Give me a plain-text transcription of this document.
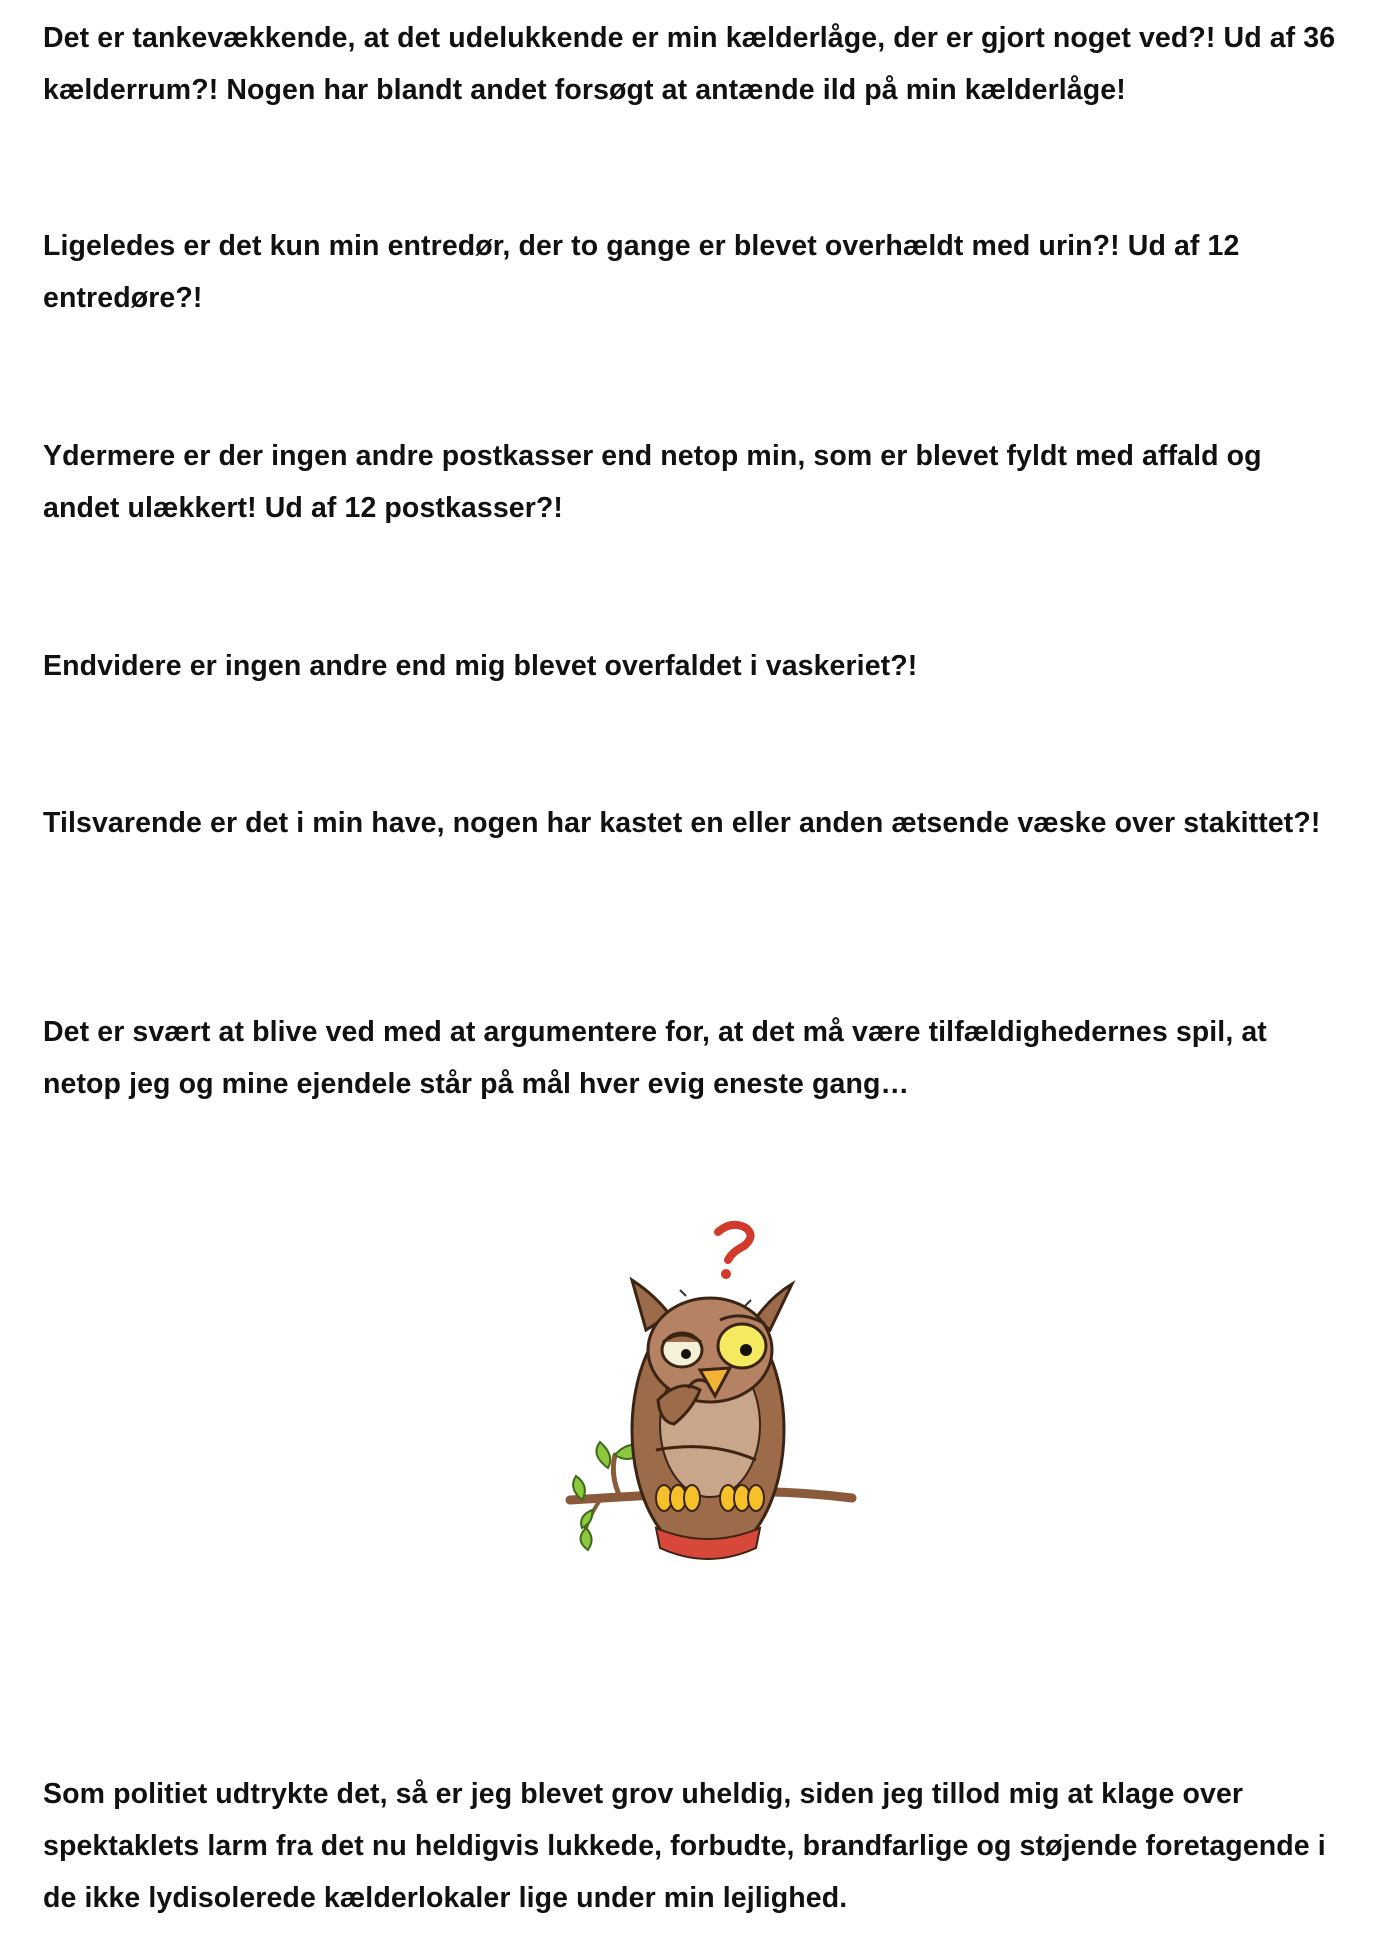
Det er tankevækkende, at det udelukkende er min kælderlåge, der er gjort noget ved?! Ud af 36 kælderrum?! Nogen har blandt andet forsøgt at antænde ild på min kælderlåge!

Ligeledes er det kun min entredør, der to gange er blevet overhældt med urin?! Ud af 12 entredøre?!

Ydermere er der ingen andre postkasser end netop min, som er blevet fyldt med affald og andet ulækkert! Ud af 12 postkasser?!

Endvidere er ingen andre end mig blevet overfaldet i vaskeriet?!

Tilsvarende er det i min have, nogen har kastet en eller anden ætsende væske over stakittet?!

Det er svært at blive ved med at argumentere for, at det må være tilfældighedernes spil, at netop jeg og mine ejendele står på mål hver evig eneste gang…

Som politiet udtrykte det, så er jeg blevet grov uheldig, siden jeg tillod mig at klage over spektaklets larm fra det nu heldigvis lukkede, forbudte, brandfarlige og støjende foretagende i de ikke lydisolerede kælderlokaler lige under min lejlighed.
